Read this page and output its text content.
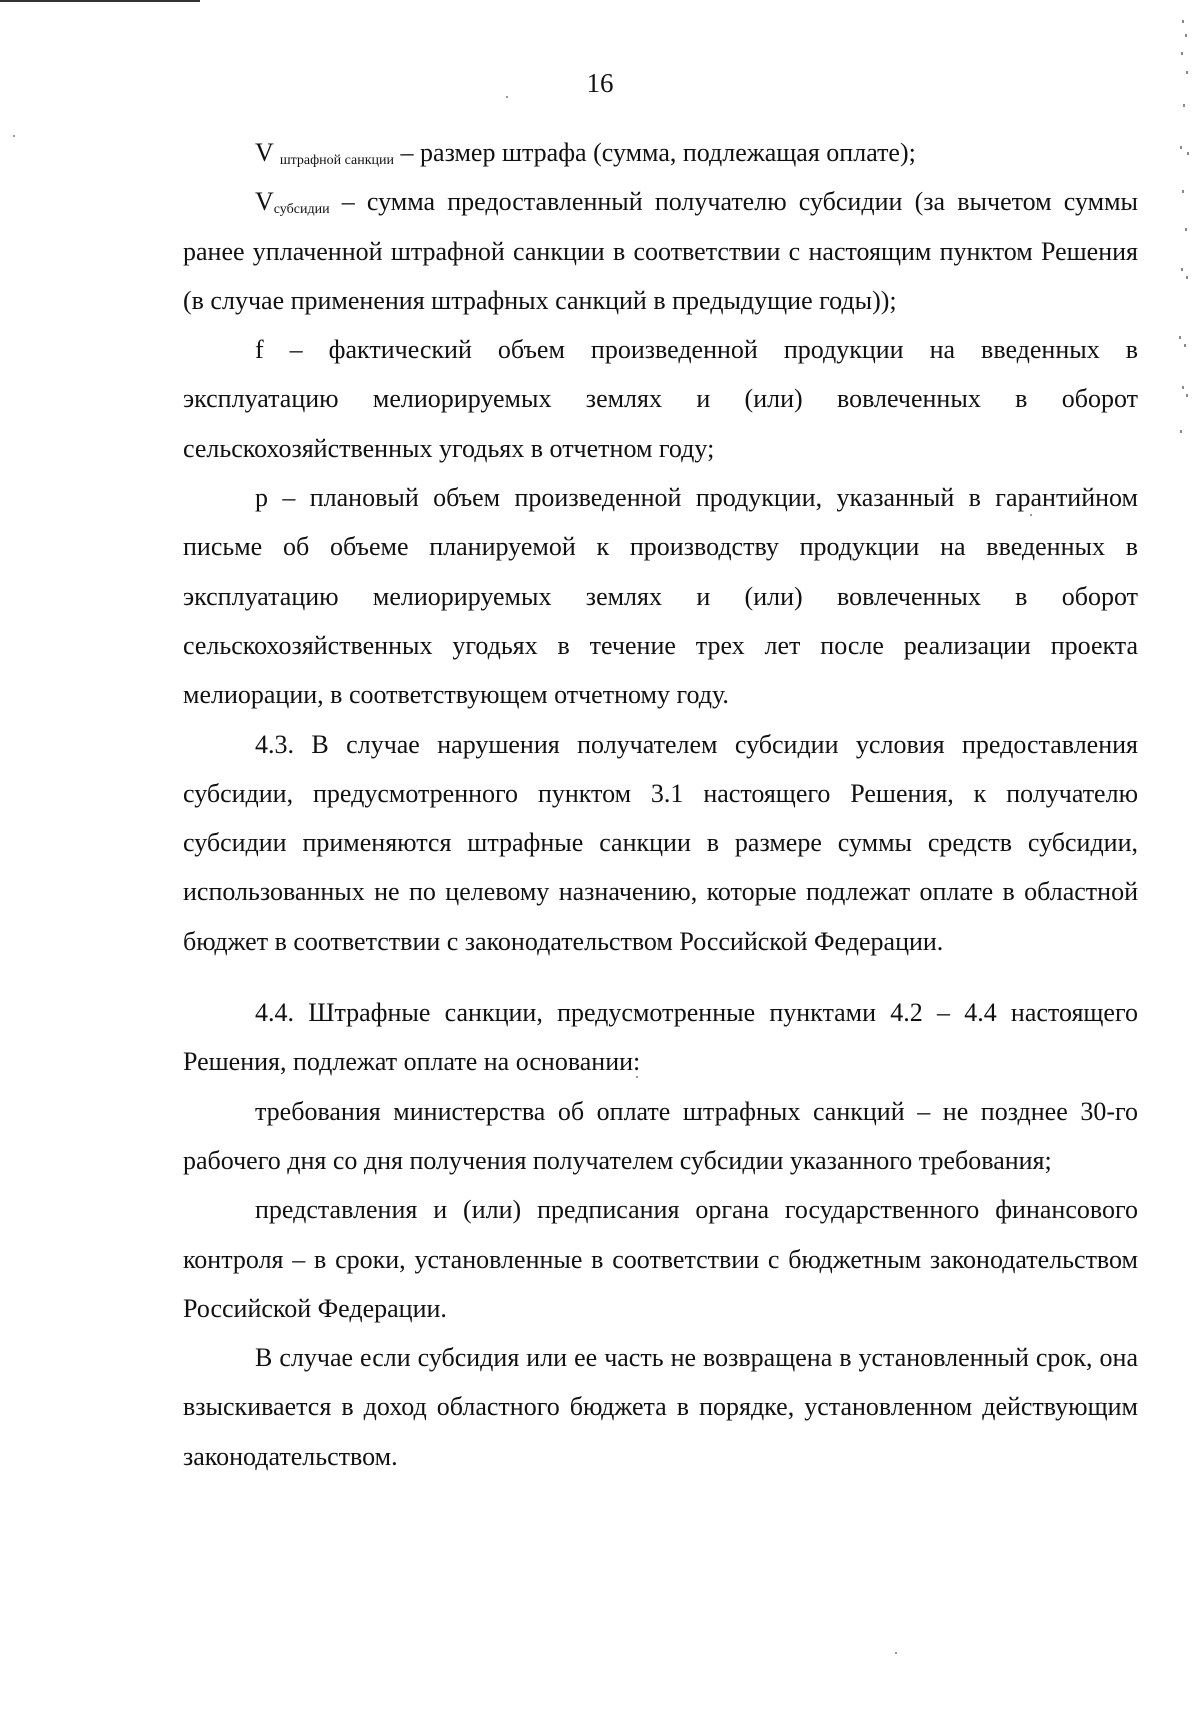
16

V $_{штрафной санкции}$ – размер штрафа (сумма, подлежащая оплате);

$V_{субсидии}$ – сумма предоставленный получателю субсидии (за вычетом суммы ранее уплаченной штрафной санкции в соответствии с настоящим пунктом Решения (в случае применения штрафных санкций в предыдущие годы));

f – фактический объем произведенной продукции на введенных в эксплуатацию мелиорируемых землях и (или) вовлеченных в оборот сельскохозяйственных угодьях в отчетном году;

p – плановый объем произведенной продукции, указанный в гарантийном письме об объеме планируемой к производству продукции на введенных в эксплуатацию мелиорируемых землях и (или) вовлеченных в оборот сельскохозяйственных угодьях в течение трех лет после реализации проекта мелиорации, в соответствующем отчетному году.

4.3. В случае нарушения получателем субсидии условия предоставления субсидии, предусмотренного пунктом 3.1 настоящего Решения, к получателю субсидии применяются штрафные санкции в размере суммы средств субсидии, использованных не по целевому назначению, которые подлежат оплате в областной бюджет в соответствии с законодательством Российской Федерации.

4.4. Штрафные санкции, предусмотренные пунктами 4.2 – 4.4 настоящего Решения, подлежат оплате на основании:

требования министерства об оплате штрафных санкций – не позднее 30-го рабочего дня со дня получения получателем субсидии указанного требования;

представления и (или) предписания органа государственного финансового контроля – в сроки, установленные в соответствии с бюджетным законодательством Российской Федерации.

В случае если субсидия или ее часть не возвращена в установленный срок, она взыскивается в доход областного бюджета в порядке, установленном действующим законодательством.
